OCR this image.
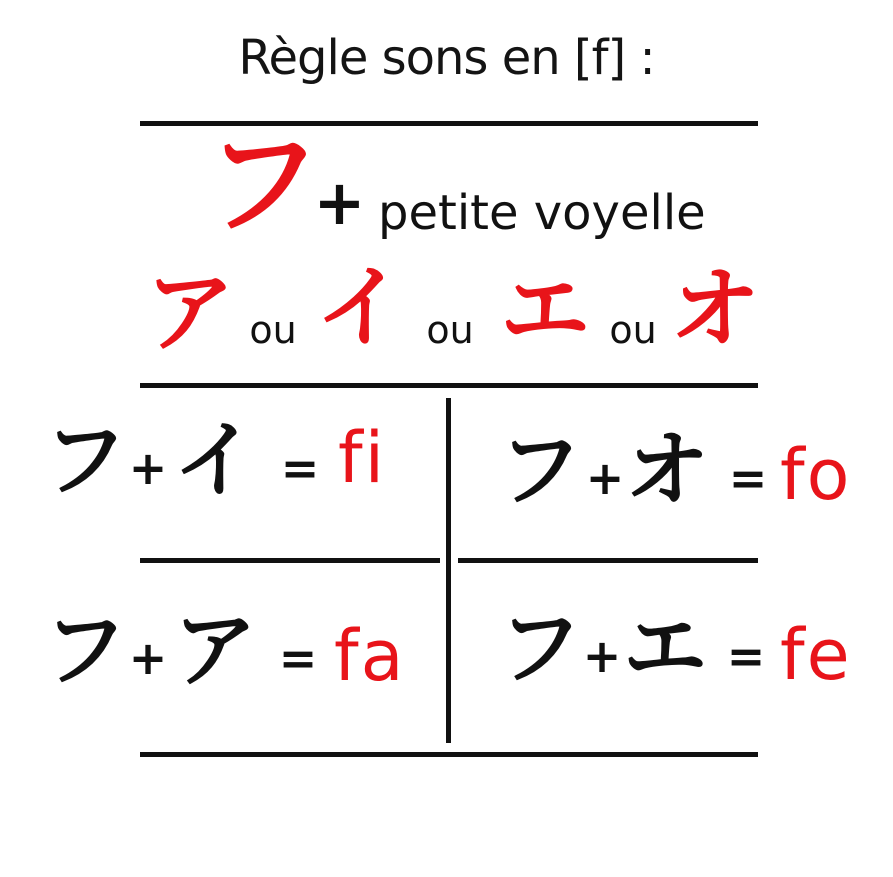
Règle sons en [f] :
フ
+ petite voyelle
ア ou イ ou エ ou オ
フ + イ = fi	フ + オ = fo
フ + ア = fa	フ + エ = fe
